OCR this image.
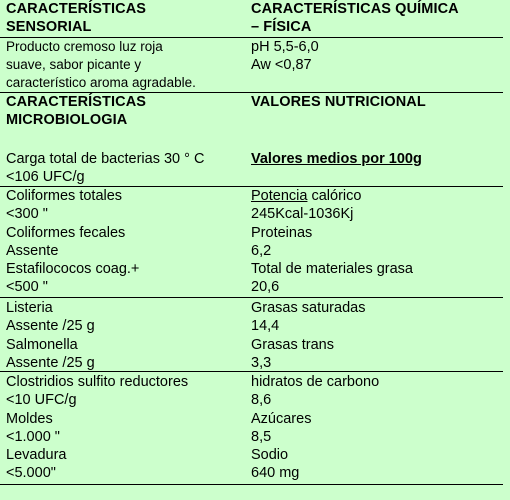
CARACTERÍSTICAS
SENSORIAL
CARACTERÍSTICAS QUÍMICA
– FÍSICA
Producto cremoso luz roja
suave, sabor picante y
característico aroma agradable.
pH 5,5-6,0
Aw <0,87
CARACTERÍSTICAS
MICROBIOLOGIA
VALORES NUTRICIONAL
Carga total de bacterias 30 ° C
<106 UFC/g
Valores medios por 100g
Coliformes totales
<300 "
Coliformes fecales
Assente
Estafilococos coag.+
<500 "
Potencia calórico
245Kcal-1036Kj
Proteinas
6,2
Total de materiales grasa
20,6
Listeria
Assente /25 g
Salmonella
Assente /25 g
Grasas saturadas
14,4
Grasas trans
3,3
Clostridios sulfito reductores
<10 UFC/g
Moldes
<1.000 "
Levadura
<5.000"
hidratos de carbono
8,6
Azúcares
8,5
Sodio
640 mg
